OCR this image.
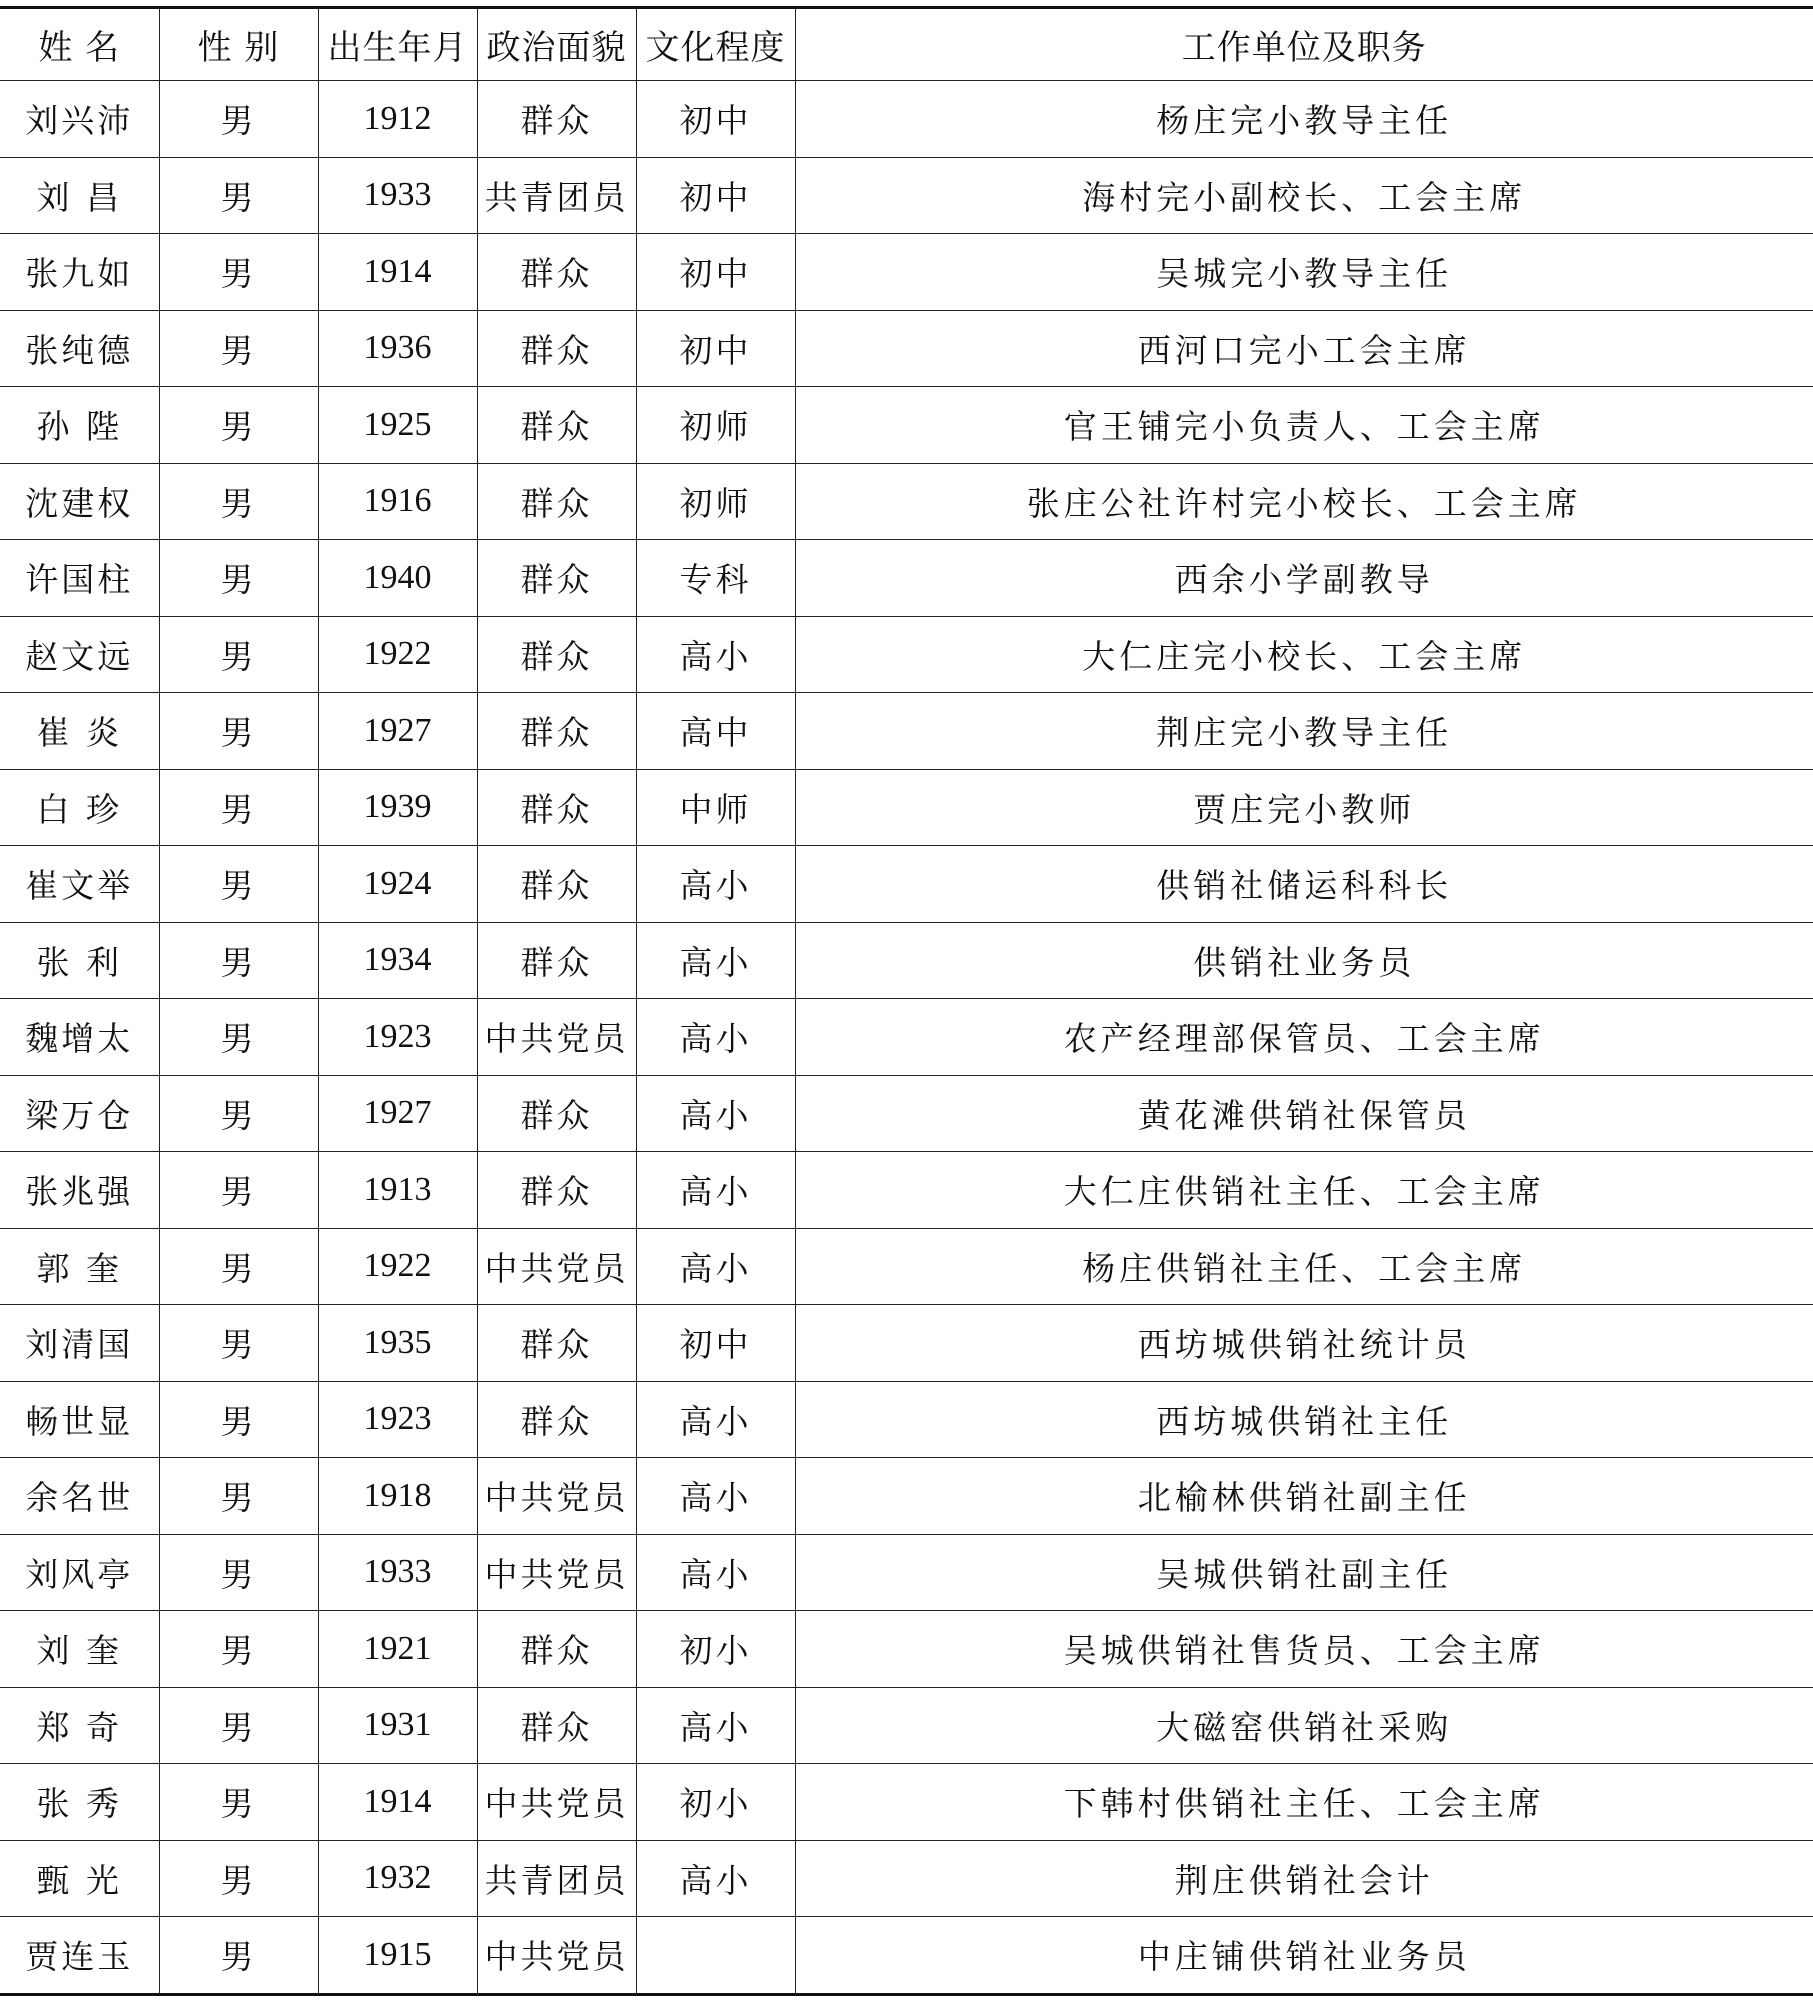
姓 名	性 别	出生年月	政治面貌	文化程度	工作单位及职务
刘兴沛	男	1912	群众	初中	杨庄完小教导主任
刘 昌	男	1933	共青团员	初中	海村完小副校长、工会主席
张九如	男	1914	群众	初中	吴城完小教导主任
张纯德	男	1936	群众	初中	西河口完小工会主席
孙 陛	男	1925	群众	初师	官王铺完小负责人、工会主席
沈建权	男	1916	群众	初师	张庄公社许村完小校长、工会主席
许国柱	男	1940	群众	专科	西余小学副教导
赵文远	男	1922	群众	高小	大仁庄完小校长、工会主席
崔 炎	男	1927	群众	高中	荆庄完小教导主任
白 珍	男	1939	群众	中师	贾庄完小教师
崔文举	男	1924	群众	高小	供销社储运科科长
张 利	男	1934	群众	高小	供销社业务员
魏增太	男	1923	中共党员	高小	农产经理部保管员、工会主席
梁万仓	男	1927	群众	高小	黄花滩供销社保管员
张兆强	男	1913	群众	高小	大仁庄供销社主任、工会主席
郭 奎	男	1922	中共党员	高小	杨庄供销社主任、工会主席
刘清国	男	1935	群众	初中	西坊城供销社统计员
畅世显	男	1923	群众	高小	西坊城供销社主任
余名世	男	1918	中共党员	高小	北榆林供销社副主任
刘风亭	男	1933	中共党员	高小	吴城供销社副主任
刘 奎	男	1921	群众	初小	吴城供销社售货员、工会主席
郑 奇	男	1931	群众	高小	大磁窑供销社采购
张 秀	男	1914	中共党员	初小	下韩村供销社主任、工会主席
甄 光	男	1932	共青团员	高小	荆庄供销社会计
贾连玉	男	1915	中共党员		中庄铺供销社业务员
